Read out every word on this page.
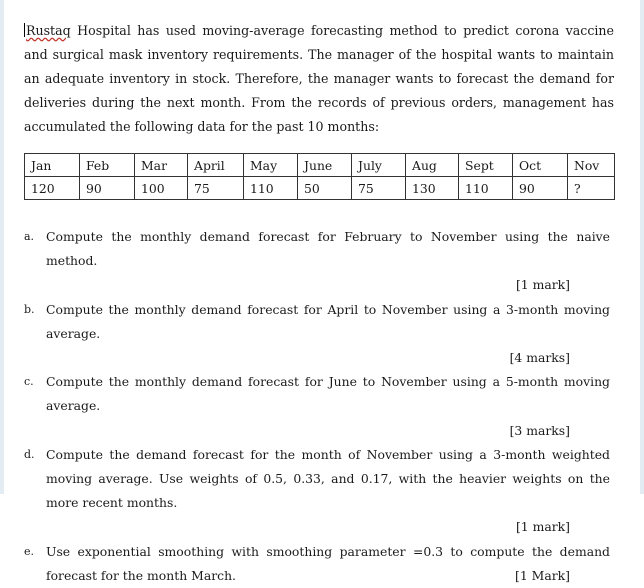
Rustaq Hospital has used moving-average forecasting method to predict corona vaccine and surgical mask inventory requirements. The manager of the hospital wants to maintain an adequate inventory in stock. Therefore, the manager wants to forecast the demand for deliveries during the next month. From the records of previous orders, management has accumulated the following data for the past 10 months:

Jan	Feb	Mar	April	May	June	July	Aug	Sept	Oct	Nov
120	90	100	75	110	50	75	130	110	90	?
a. Compute the monthly demand forecast for February to November using the naive method.
[1 mark]
b. Compute the monthly demand forecast for April to November using a 3-month moving average.
[4 marks]
c. Compute the monthly demand forecast for June to November using a 5-month moving average.
[3 marks]
d. Compute the demand forecast for the month of November using a 3-month weighted moving average. Use weights of 0.5, 0.33, and 0.17, with the heavier weights on the more recent months.
[1 mark]
e. Use exponential smoothing with smoothing parameter =0.3 to compute the demand forecast for the month March.	[1 Mark]
